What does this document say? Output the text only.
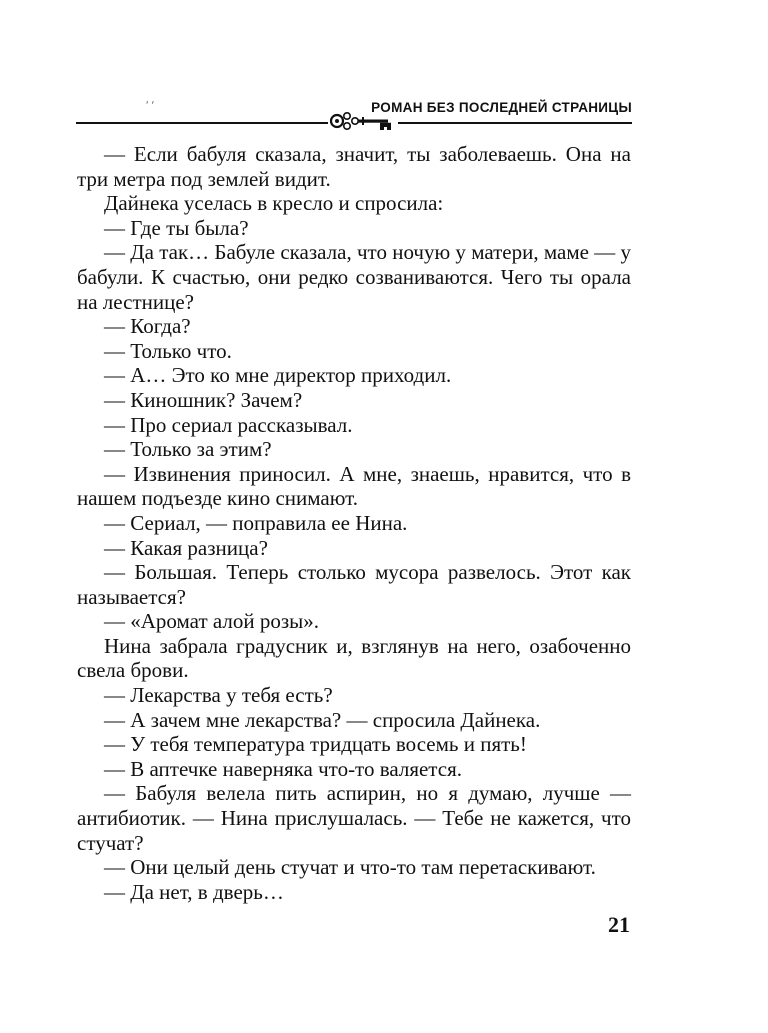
ʹ ʹ	РОМАН БЕЗ ПОСЛЕДНЕЙ СТРАНИЦЫ

— Если бабуля сказала, значит, ты заболеваешь. Она на три метра под землей видит.

Дайнека уселась в кресло и спросила:

— Где ты была?

— Да так… Бабуле сказала, что ночую у матери, маме — у бабули. К счастью, они редко созваниваются. Чего ты орала на лестнице?

— Когда?

— Только что.

— А… Это ко мне директор приходил.

— Киношник? Зачем?

— Про сериал рассказывал.

— Только за этим?

— Извинения приносил. А мне, знаешь, нравится, что в нашем подъезде кино снимают.

— Сериал, — поправила ее Нина.

— Какая разница?

— Большая. Теперь столько мусора развелось. Этот как называется?

— «Аромат алой розы».

Нина забрала градусник и, взглянув на него, озабоченно свела брови.

— Лекарства у тебя есть?

— А зачем мне лекарства? — спросила Дайнека.

— У тебя температура тридцать восемь и пять!

— В аптечке наверняка что-то валяется.

— Бабуля велела пить аспирин, но я думаю, лучше — антибиотик. — Нина прислушалась. — Тебе не кажется, что стучат?

— Они целый день стучат и что-то там перетаскивают.

— Да нет, в дверь…

21
